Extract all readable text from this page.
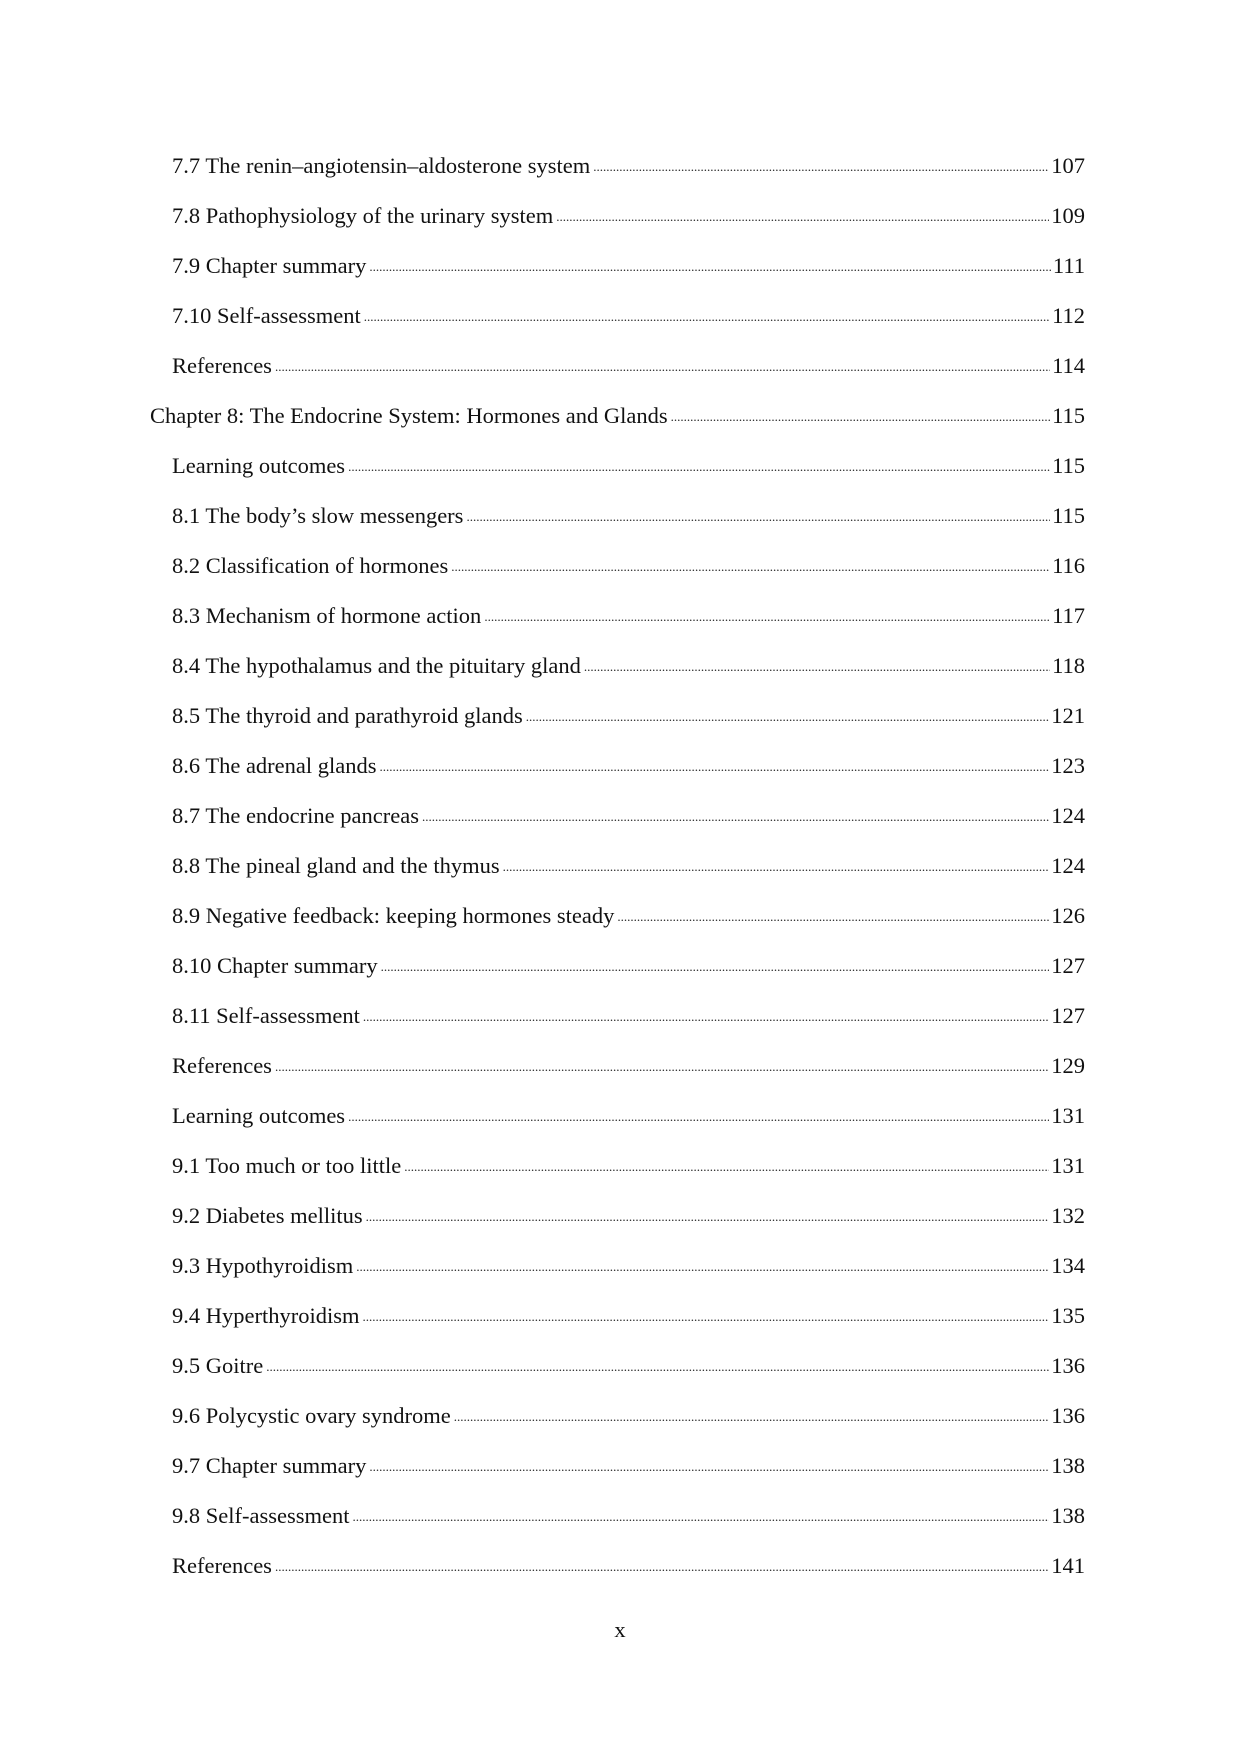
7.7 The renin–angiotensin–aldosterone system .....	107
7.8 Pathophysiology of the urinary system .....	109
7.9 Chapter summary .....	111
7.10 Self-assessment .....	112
References .....	114
Chapter 8: The Endocrine System: Hormones and Glands .....	115
Learning outcomes .....	115
8.1 The body’s slow messengers .....	115
8.2 Classification of hormones .....	116
8.3 Mechanism of hormone action .....	117
8.4 The hypothalamus and the pituitary gland .....	118
8.5 The thyroid and parathyroid glands .....	121
8.6 The adrenal glands .....	123
8.7 The endocrine pancreas .....	124
8.8 The pineal gland and the thymus .....	124
8.9 Negative feedback: keeping hormones steady .....	126
8.10 Chapter summary .....	127
8.11 Self-assessment .....	127
References .....	129
Learning outcomes .....	131
9.1 Too much or too little .....	131
9.2 Diabetes mellitus .....	132
9.3 Hypothyroidism .....	134
9.4 Hyperthyroidism .....	135
9.5 Goitre .....	136
9.6 Polycystic ovary syndrome .....	136
9.7 Chapter summary .....	138
9.8 Self-assessment .....	138
References .....	141
x
